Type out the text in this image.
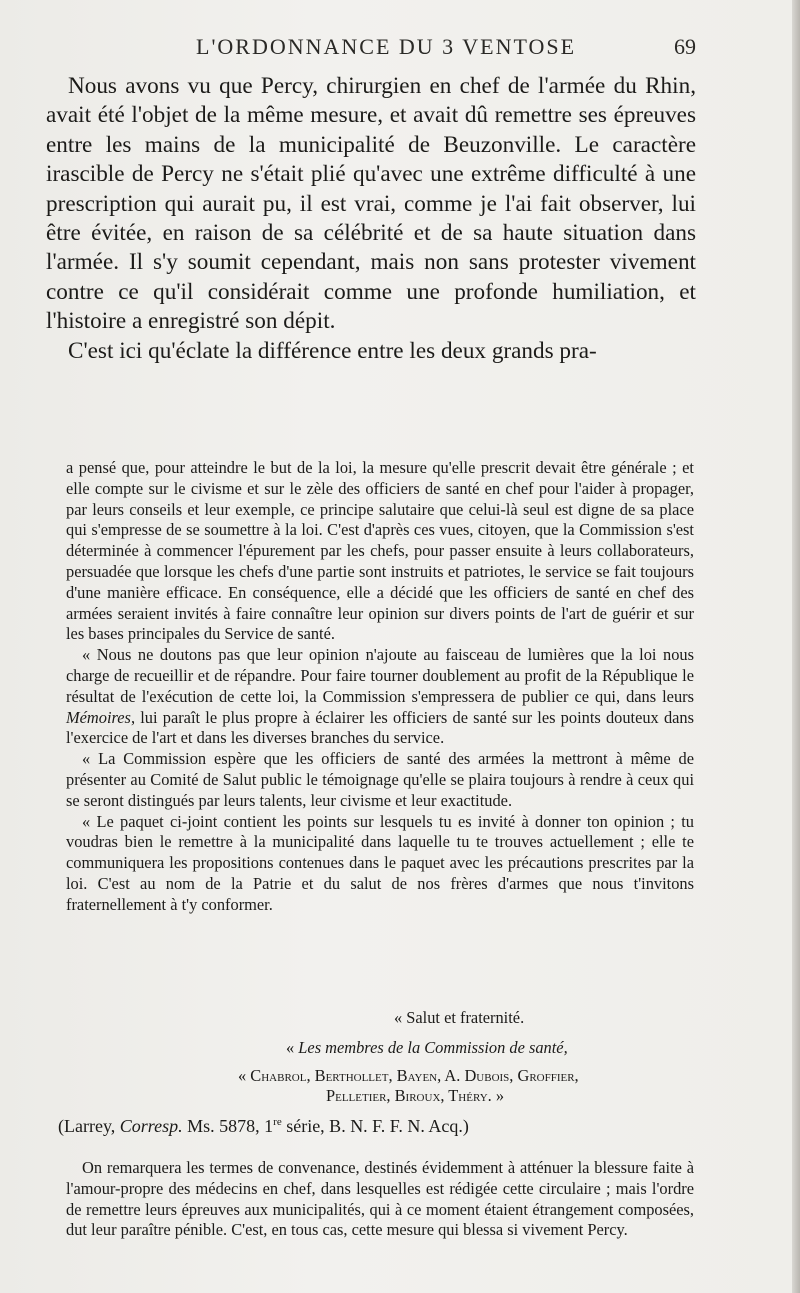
L'ORDONNANCE DU 3 VENTOSE	69

Nous avons vu que Percy, chirurgien en chef de l'armée du Rhin, avait été l'objet de la même mesure, et avait dû remettre ses épreuves entre les mains de la municipalité de Beuzonville. Le caractère irascible de Percy ne s'était plié qu'avec une extrême difficulté à une prescription qui aurait pu, il est vrai, comme je l'ai fait observer, lui être évitée, en raison de sa célébrité et de sa haute situation dans l'armée. Il s'y soumit cependant, mais non sans protester vivement contre ce qu'il considérait comme une profonde humiliation, et l'histoire a enregistré son dépit.

C'est ici qu'éclate la différence entre les deux grands pra-

a pensé que, pour atteindre le but de la loi, la mesure qu'elle prescrit devait être générale ; et elle compte sur le civisme et sur le zèle des officiers de santé en chef pour l'aider à propager, par leurs conseils et leur exemple, ce principe salutaire que celui-là seul est digne de sa place qui s'empresse de se soumettre à la loi. C'est d'après ces vues, citoyen, que la Commission s'est déterminée à commencer l'épurement par les chefs, pour passer ensuite à leurs collaborateurs, persuadée que lorsque les chefs d'une partie sont instruits et patriotes, le service se fait toujours d'une manière efficace. En conséquence, elle a décidé que les officiers de santé en chef des armées seraient invités à faire connaître leur opinion sur divers points de l'art de guérir et sur les bases principales du Service de santé.

« Nous ne doutons pas que leur opinion n'ajoute au faisceau de lumières que la loi nous charge de recueillir et de répandre. Pour faire tourner doublement au profit de la République le résultat de l'exécution de cette loi, la Commission s'empressera de publier ce qui, dans leurs Mémoires, lui paraît le plus propre à éclairer les officiers de santé sur les points douteux dans l'exercice de l'art et dans les diverses branches du service.

« La Commission espère que les officiers de santé des armées la mettront à même de présenter au Comité de Salut public le témoignage qu'elle se plaira toujours à rendre à ceux qui se seront distingués par leurs talents, leur civisme et leur exactitude.

« Le paquet ci-joint contient les points sur lesquels tu es invité à donner ton opinion ; tu voudras bien le remettre à la municipalité dans laquelle tu te trouves actuellement ; elle te communiquera les propositions contenues dans le paquet avec les précautions prescrites par la loi. C'est au nom de la Patrie et du salut de nos frères d'armes que nous t'invitons fraternellement à t'y conformer.

« Salut et fraternité.
« Les membres de la Commission de santé,
« Chabrol, Berthollet, Bayen, A. Dubois, Groffier,
Pelletier, Biroux, Théry. »
(Larrey, Corresp. Ms. 5878, 1re série, B. N. F. F. N. Acq.)

On remarquera les termes de convenance, destinés évidemment à atténuer la blessure faite à l'amour-propre des médecins en chef, dans lesquelles est rédigée cette circulaire ; mais l'ordre de remettre leurs épreuves aux municipalités, qui à ce moment étaient étrangement composées, dut leur paraître pénible. C'est, en tous cas, cette mesure qui blessa si vivement Percy.
